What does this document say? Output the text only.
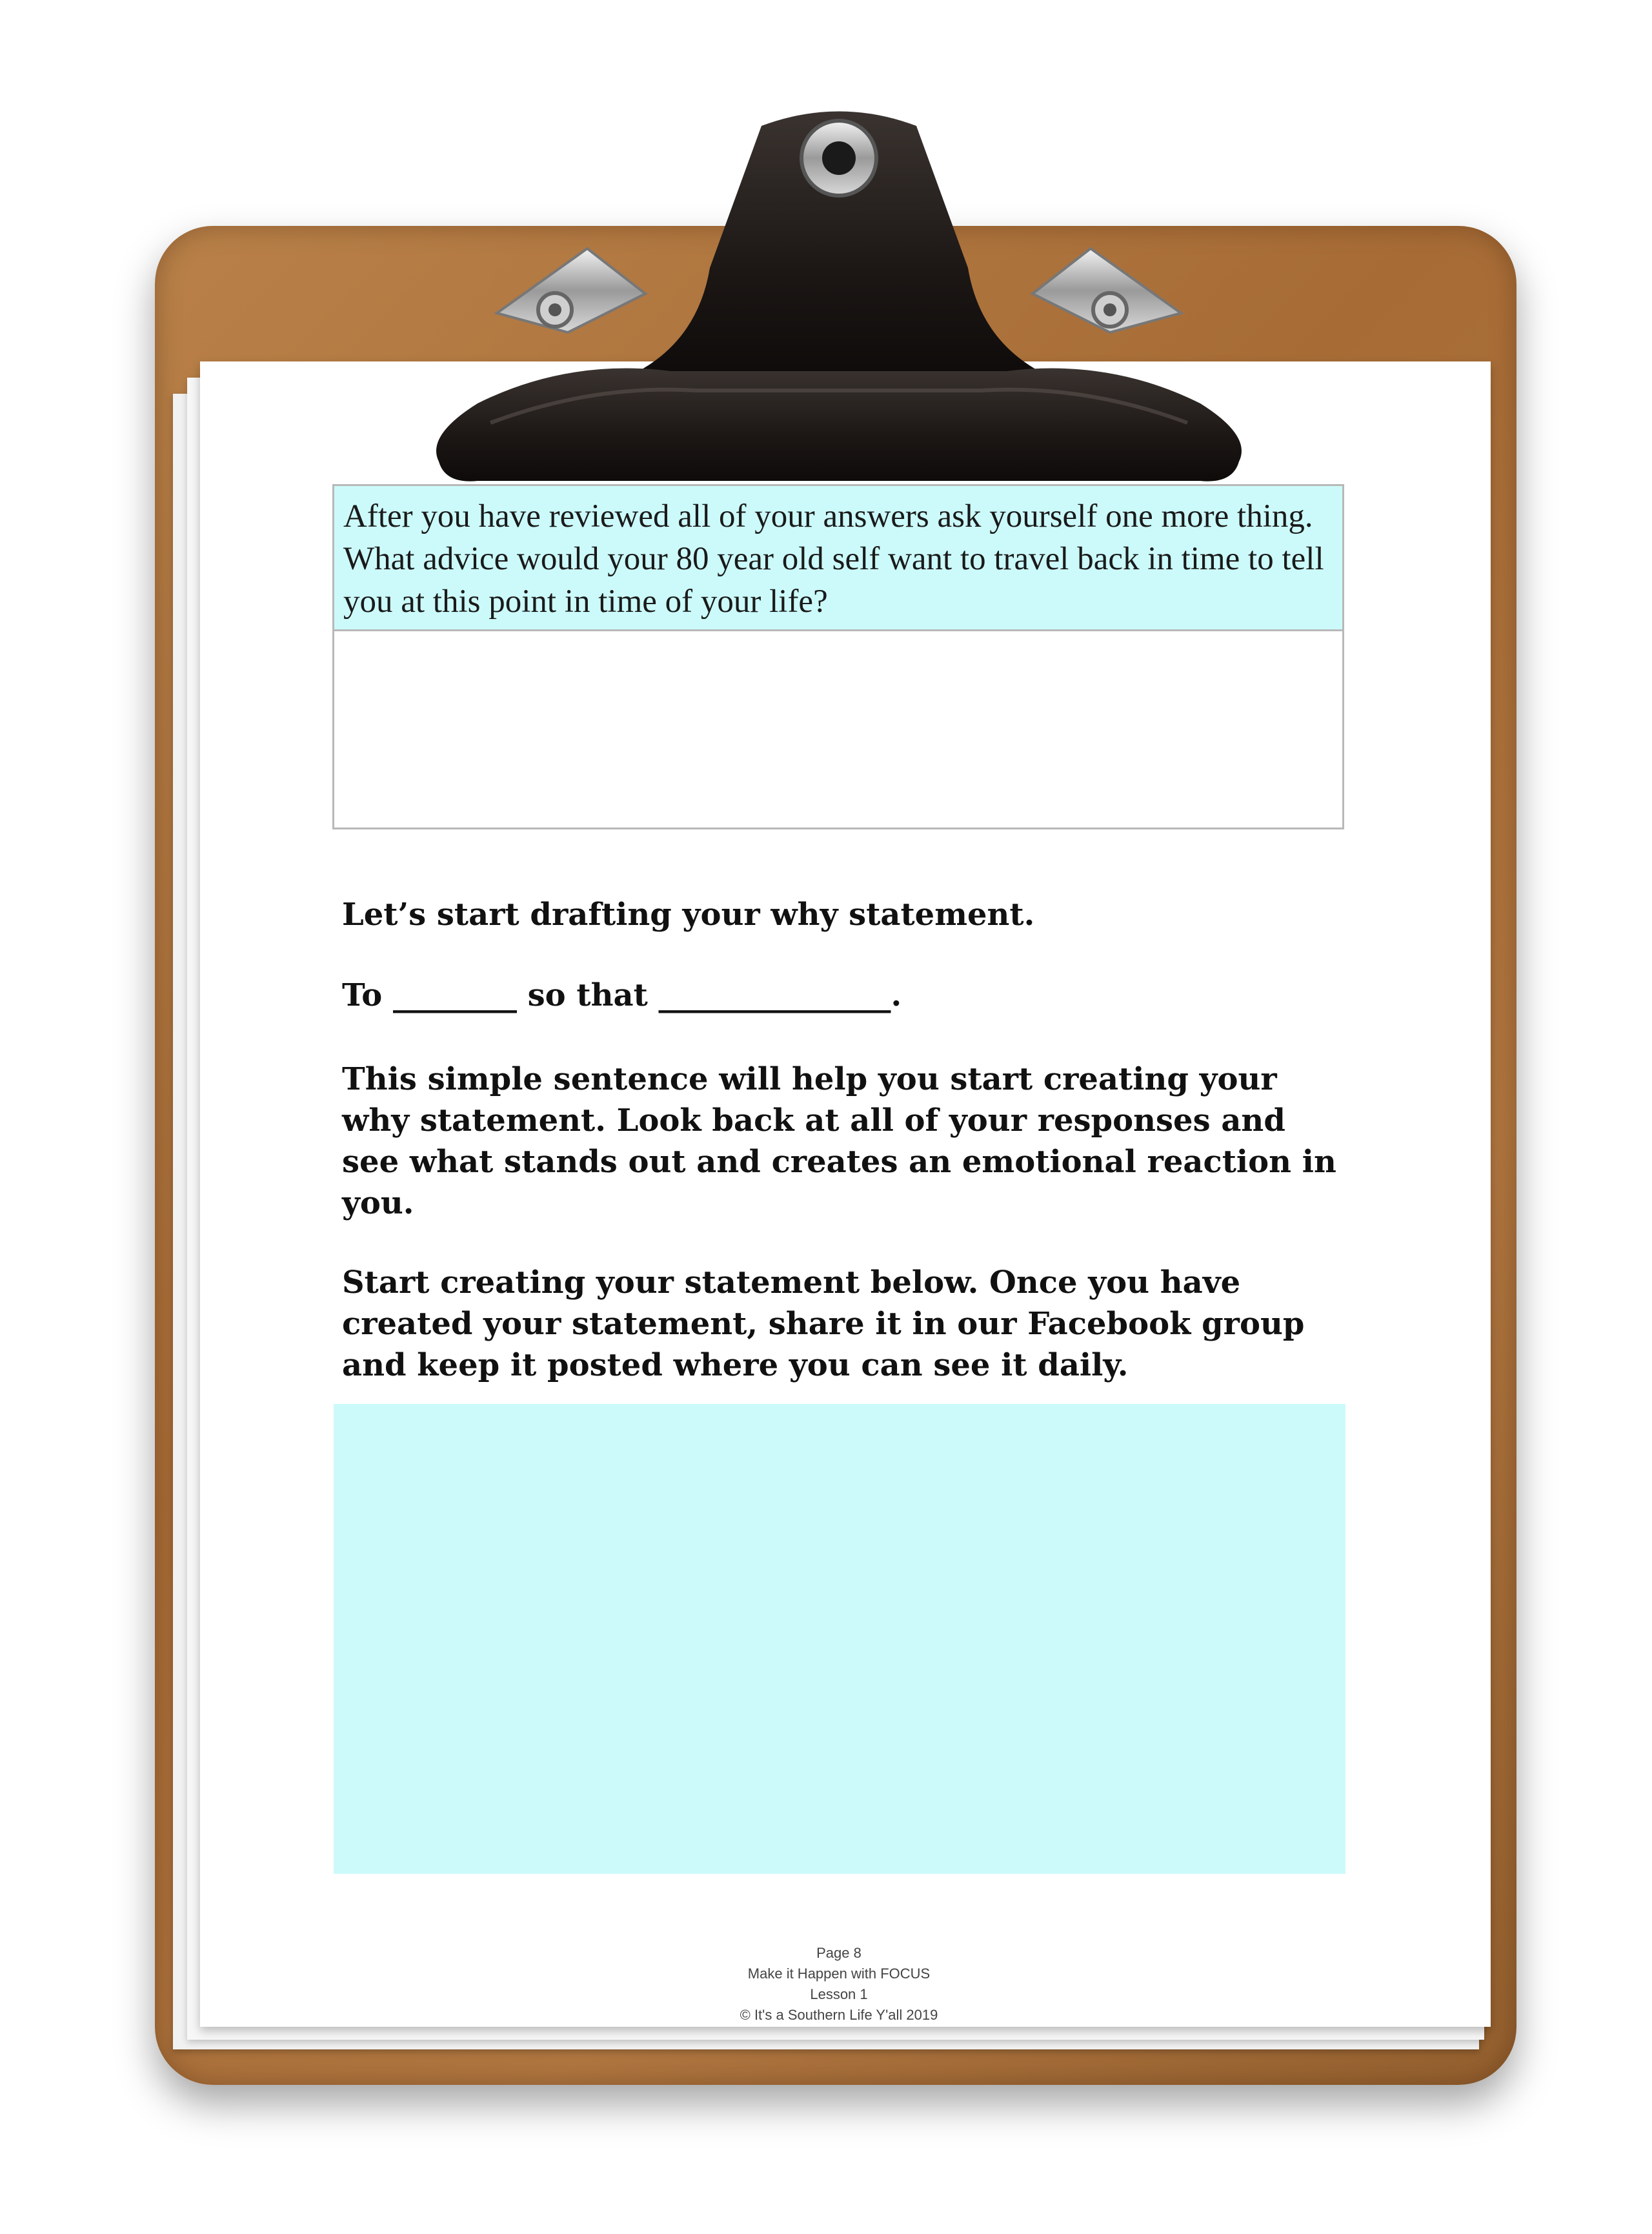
After you have reviewed all of your answers ask yourself one more thing. What advice would your 80 year old self want to travel back in time to tell you at this point in time of your life?
Let’s start drafting your why statement.
To ________ so that _______________.
This simple sentence will help you start creating your why statement. Look back at all of your responses and see what stands out and creates an emotional reaction in you.
Start creating your statement below. Once you have created your statement, share it in our Facebook group and keep it posted where you can see it daily.
Page 8
Make it Happen with FOCUS
Lesson 1
© It's a Southern Life Y'all 2019
